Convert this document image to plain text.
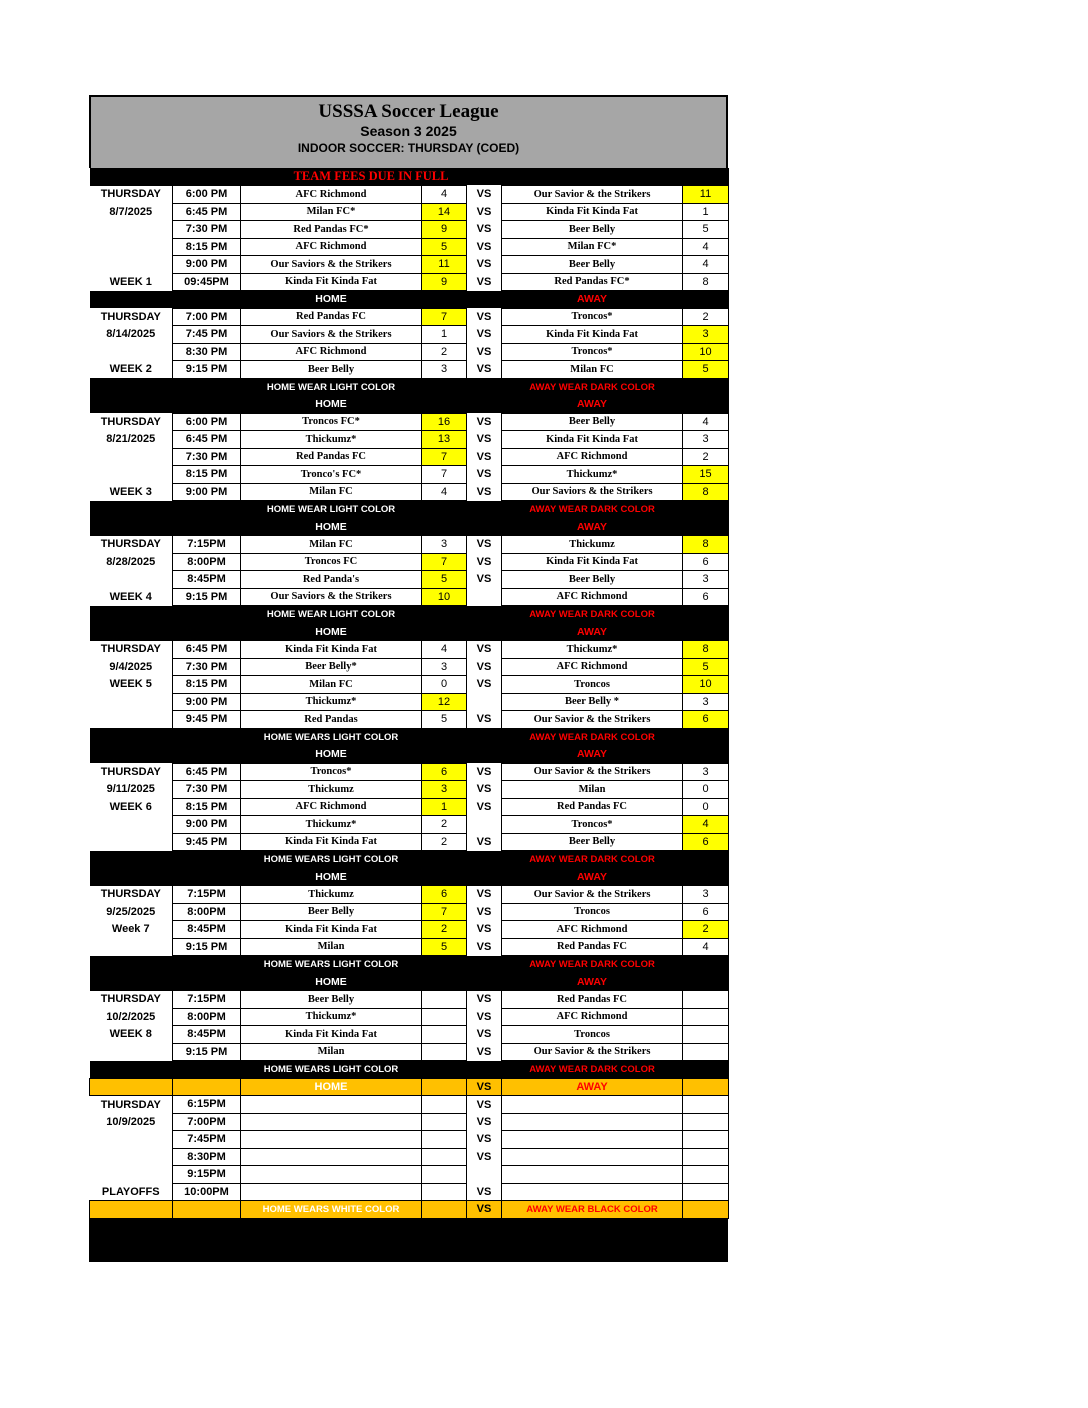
USSSA Soccer League
Season 3 2025
INDOOR SOCCER: THURSDAY (COED)
		TEAM FEES DUE IN FULL				
THURSDAY	6:00 PM	AFC Richmond	4	VS	Our Savior & the Strikers	11
8/7/2025	6:45 PM	Milan FC*	14	VS	Kinda Fit Kinda Fat	1
	7:30 PM	Red Pandas FC*	9	VS	Beer Belly	5
	8:15 PM	AFC Richmond	5	VS	Milan FC*	4
	9:00 PM	Our Saviors & the Strikers	11	VS	Beer Belly	4
WEEK 1	09:45PM	Kinda Fit Kinda Fat	9	VS	Red Pandas FC*	8
		HOME			AWAY	
THURSDAY	7:00 PM	Red Pandas FC	7	VS	Troncos*	2
8/14/2025	7:45 PM	Our Saviors & the Strikers	1	VS	Kinda Fit Kinda Fat	3
	8:30 PM	AFC Richmond	2	VS	Troncos*	10
WEEK 2	9:15 PM	Beer Belly	3	VS	Milan FC	5
		HOME WEAR LIGHT COLOR			AWAY WEAR DARK COLOR	
		HOME			AWAY	
THURSDAY	6:00 PM	Troncos FC*	16	VS	Beer Belly	4
8/21/2025	6:45 PM	Thickumz*	13	VS	Kinda Fit Kinda Fat	3
	7:30 PM	Red Pandas FC	7	VS	AFC Richmond	2
	8:15 PM	Tronco's FC*	7	VS	Thickumz*	15
WEEK 3	9:00 PM	Milan FC	4	VS	Our Saviors & the Strikers	8
		HOME WEAR LIGHT COLOR			AWAY WEAR DARK COLOR	
		HOME			AWAY	
THURSDAY	7:15PM	Milan FC	3	VS	Thickumz	8
8/28/2025	8:00PM	Troncos FC	7	VS	Kinda Fit Kinda Fat	6
	8:45PM	Red Panda's	5	VS	Beer Belly	3
WEEK 4	9:15 PM	Our Saviors & the Strikers	10		AFC Richmond	6
		HOME WEAR LIGHT COLOR			AWAY WEAR DARK COLOR	
		HOME			AWAY	
THURSDAY	6:45 PM	Kinda Fit Kinda Fat	4	VS	Thickumz*	8
9/4/2025	7:30 PM	Beer Belly*	3	VS	AFC Richmond	5
WEEK 5	8:15 PM	Milan FC	0	VS	Troncos	10
	9:00 PM	Thickumz*	12		Beer Belly *	3
	9:45 PM	Red Pandas	5	VS	Our Savior & the Strikers	6
		HOME WEARS LIGHT COLOR			AWAY WEAR DARK COLOR	
		HOME			AWAY	
THURSDAY	6:45 PM	Troncos*	6	VS	Our Savior & the Strikers	3
9/11/2025	7:30 PM	Thickumz	3	VS	Milan	0
WEEK 6	8:15 PM	AFC Richmond	1	VS	Red Pandas FC	0
	9:00 PM	Thickumz*	2		Troncos*	4
	9:45 PM	Kinda Fit Kinda Fat	2	VS	Beer Belly	6
		HOME WEARS LIGHT COLOR			AWAY WEAR DARK COLOR	
		HOME			AWAY	
THURSDAY	7:15PM	Thickumz	6	VS	Our Savior & the Strikers	3
9/25/2025	8:00PM	Beer Belly	7	VS	Troncos	6
Week 7	8:45PM	Kinda Fit Kinda Fat	2	VS	AFC Richmond	2
	9:15 PM	Milan	5	VS	Red Pandas FC	4
		HOME WEARS LIGHT COLOR			AWAY WEAR DARK COLOR	
		HOME			AWAY	
THURSDAY	7:15PM	Beer Belly		VS	Red Pandas FC	
10/2/2025	8:00PM	Thickumz*		VS	AFC Richmond	
WEEK 8	8:45PM	Kinda Fit Kinda Fat		VS	Troncos	
	9:15 PM	Milan		VS	Our Savior & the Strikers	
		HOME WEARS LIGHT COLOR			AWAY WEAR DARK COLOR	
		HOME		VS	AWAY	
THURSDAY	6:15PM			VS		
10/9/2025	7:00PM			VS		
	7:45PM			VS		
	8:30PM			VS		
	9:15PM					
PLAYOFFS	10:00PM			VS		
		HOME WEARS WHITE COLOR		VS	AWAY WEAR BLACK COLOR	
